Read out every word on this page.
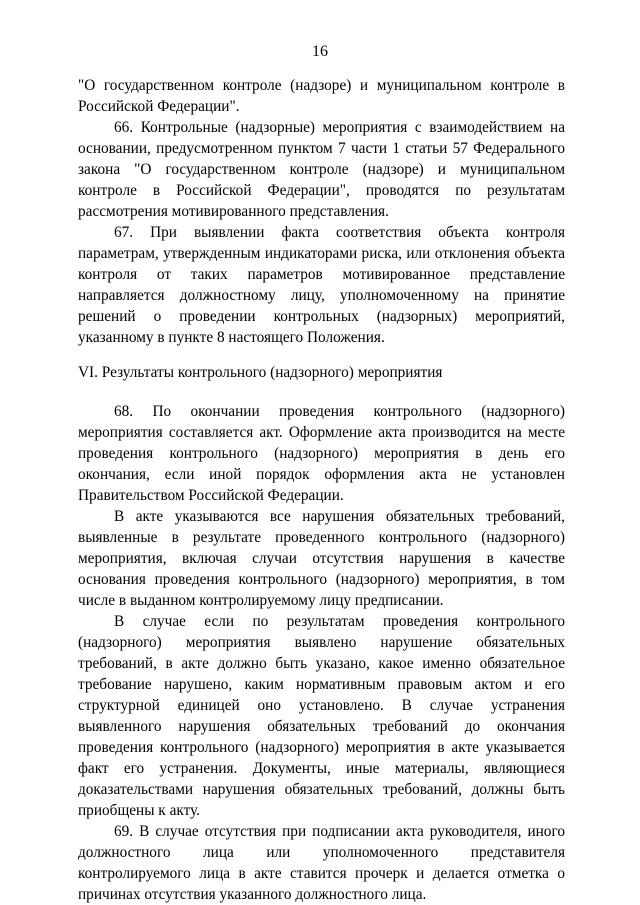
16

"О государственном контроле (надзоре) и муниципальном контроле в Российской Федерации".

66. Контрольные (надзорные) мероприятия с взаимодействием на основании, предусмотренном пунктом 7 части 1 статьи 57 Федерального закона "О государственном контроле (надзоре) и муниципальном контроле в Российской Федерации", проводятся по результатам рассмотрения мотивированного представления.

67. При выявлении факта соответствия объекта контроля параметрам, утвержденным индикаторами риска, или отклонения объекта контроля от таких параметров мотивированное представление направляется должностному лицу, уполномоченному на принятие решений о проведении контрольных (надзорных) мероприятий, указанному в пункте 8 настоящего Положения.

VI. Результаты контрольного (надзорного) мероприятия

68. По окончании проведения контрольного (надзорного) мероприятия составляется акт. Оформление акта производится на месте проведения контрольного (надзорного) мероприятия в день его окончания, если иной порядок оформления акта не установлен Правительством Российской Федерации.

В акте указываются все нарушения обязательных требований, выявленные в результате проведенного контрольного (надзорного) мероприятия, включая случаи отсутствия нарушения в качестве основания проведения контрольного (надзорного) мероприятия, в том числе в выданном контролируемому лицу предписании.

В случае если по результатам проведения контрольного (надзорного) мероприятия выявлено нарушение обязательных требований, в акте должно быть указано, какое именно обязательное требование нарушено, каким нормативным правовым актом и его структурной единицей оно установлено. В случае устранения выявленного нарушения обязательных требований до окончания проведения контрольного (надзорного) мероприятия в акте указывается факт его устранения. Документы, иные материалы, являющиеся доказательствами нарушения обязательных требований, должны быть приобщены к акту.

69. В случае отсутствия при подписании акта руководителя, иного должностного лица или уполномоченного представителя контролируемого лица в акте ставится прочерк и делается отметка о причинах отсутствия указанного должностного лица.
